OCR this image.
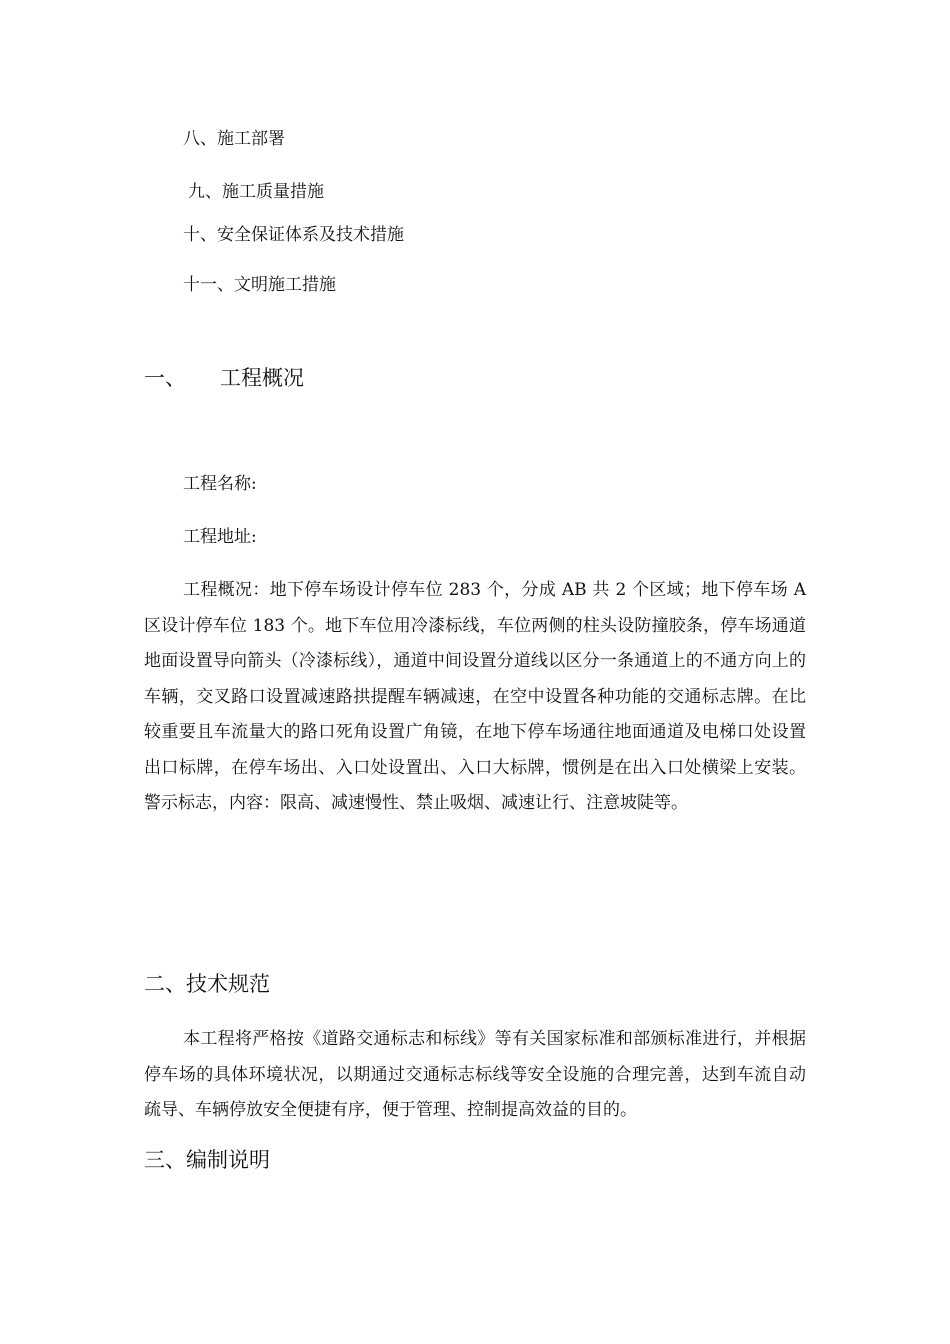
八、施工部署
九、施工质量措施
十、安全保证体系及技术措施
十一、文明施工措施
一、 工程概况
工程名称:
工程地址:
工程概况：地下停车场设计停车位 283 个，分成 AB 共 2 个区域；地下停车场 A 区设计停车位 183 个。地下车位用冷漆标线，车位两侧的柱头设防撞胶条，停车场通道地面设置导向箭头（冷漆标线），通道中间设置分道线以区分一条通道上的不通方向上的车辆，交叉路口设置减速路拱提醒车辆减速，在空中设置各种功能的交通标志牌。在比较重要且车流量大的路口死角设置广角镜，在地下停车场通往地面通道及电梯口处设置出口标牌，在停车场出、入口处设置出、入口大标牌，惯例是在出入口处横梁上安装。警示标志，内容：限高、减速慢性、禁止吸烟、减速让行、注意坡陡等。
二、技术规范
本工程将严格按《道路交通标志和标线》等有关国家标准和部颁标准进行，并根据停车场的具体环境状况，以期通过交通标志标线等安全设施的合理完善，达到车流自动疏导、车辆停放安全便捷有序，便于管理、控制提高效益的目的。
三、编制说明
